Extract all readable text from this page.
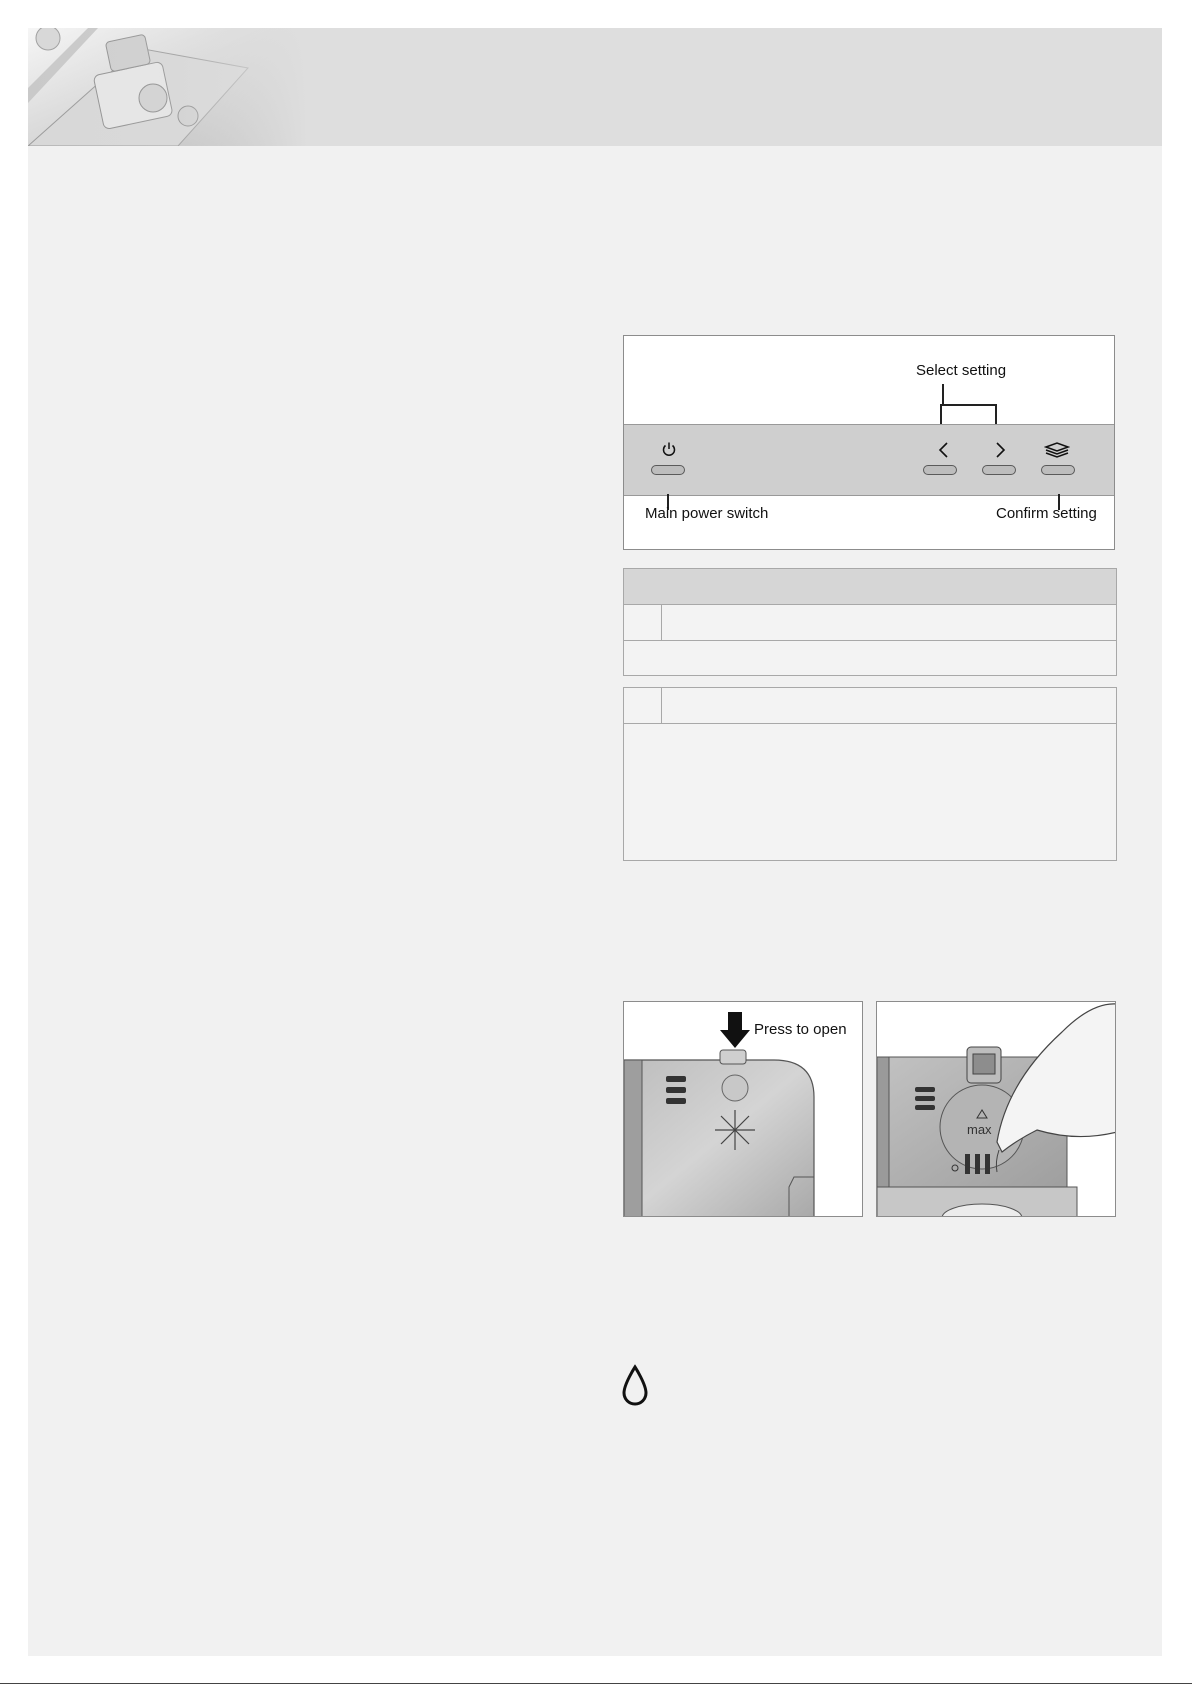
Select setting
Main power switch	Confirm setting
Press to open
max
